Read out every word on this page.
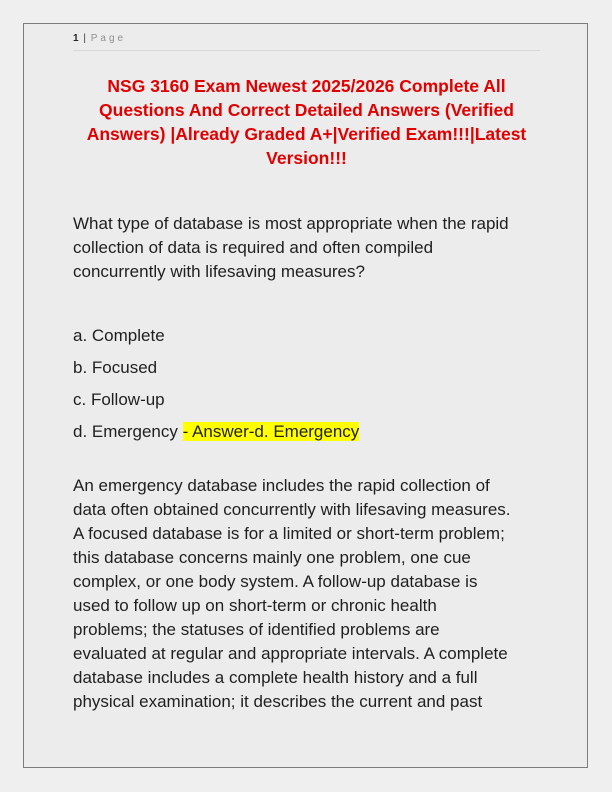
1 | Page
NSG 3160 Exam Newest 2025/2026 Complete All
Questions And Correct Detailed Answers (Verified
Answers) |Already Graded A+|Verified Exam!!!|Latest
Version!!!
What type of database is most appropriate when the rapid
collection of data is required and often compiled
concurrently with lifesaving measures?

a. Complete

b. Focused

c. Follow-up

d. Emergency - Answer-d. Emergency

An emergency database includes the rapid collection of
data often obtained concurrently with lifesaving measures.
A focused database is for a limited or short-term problem;
this database concerns mainly one problem, one cue
complex, or one body system. A follow-up database is
used to follow up on short-term or chronic health
problems; the statuses of identified problems are
evaluated at regular and appropriate intervals. A complete
database includes a complete health history and a full
physical examination; it describes the current and past
